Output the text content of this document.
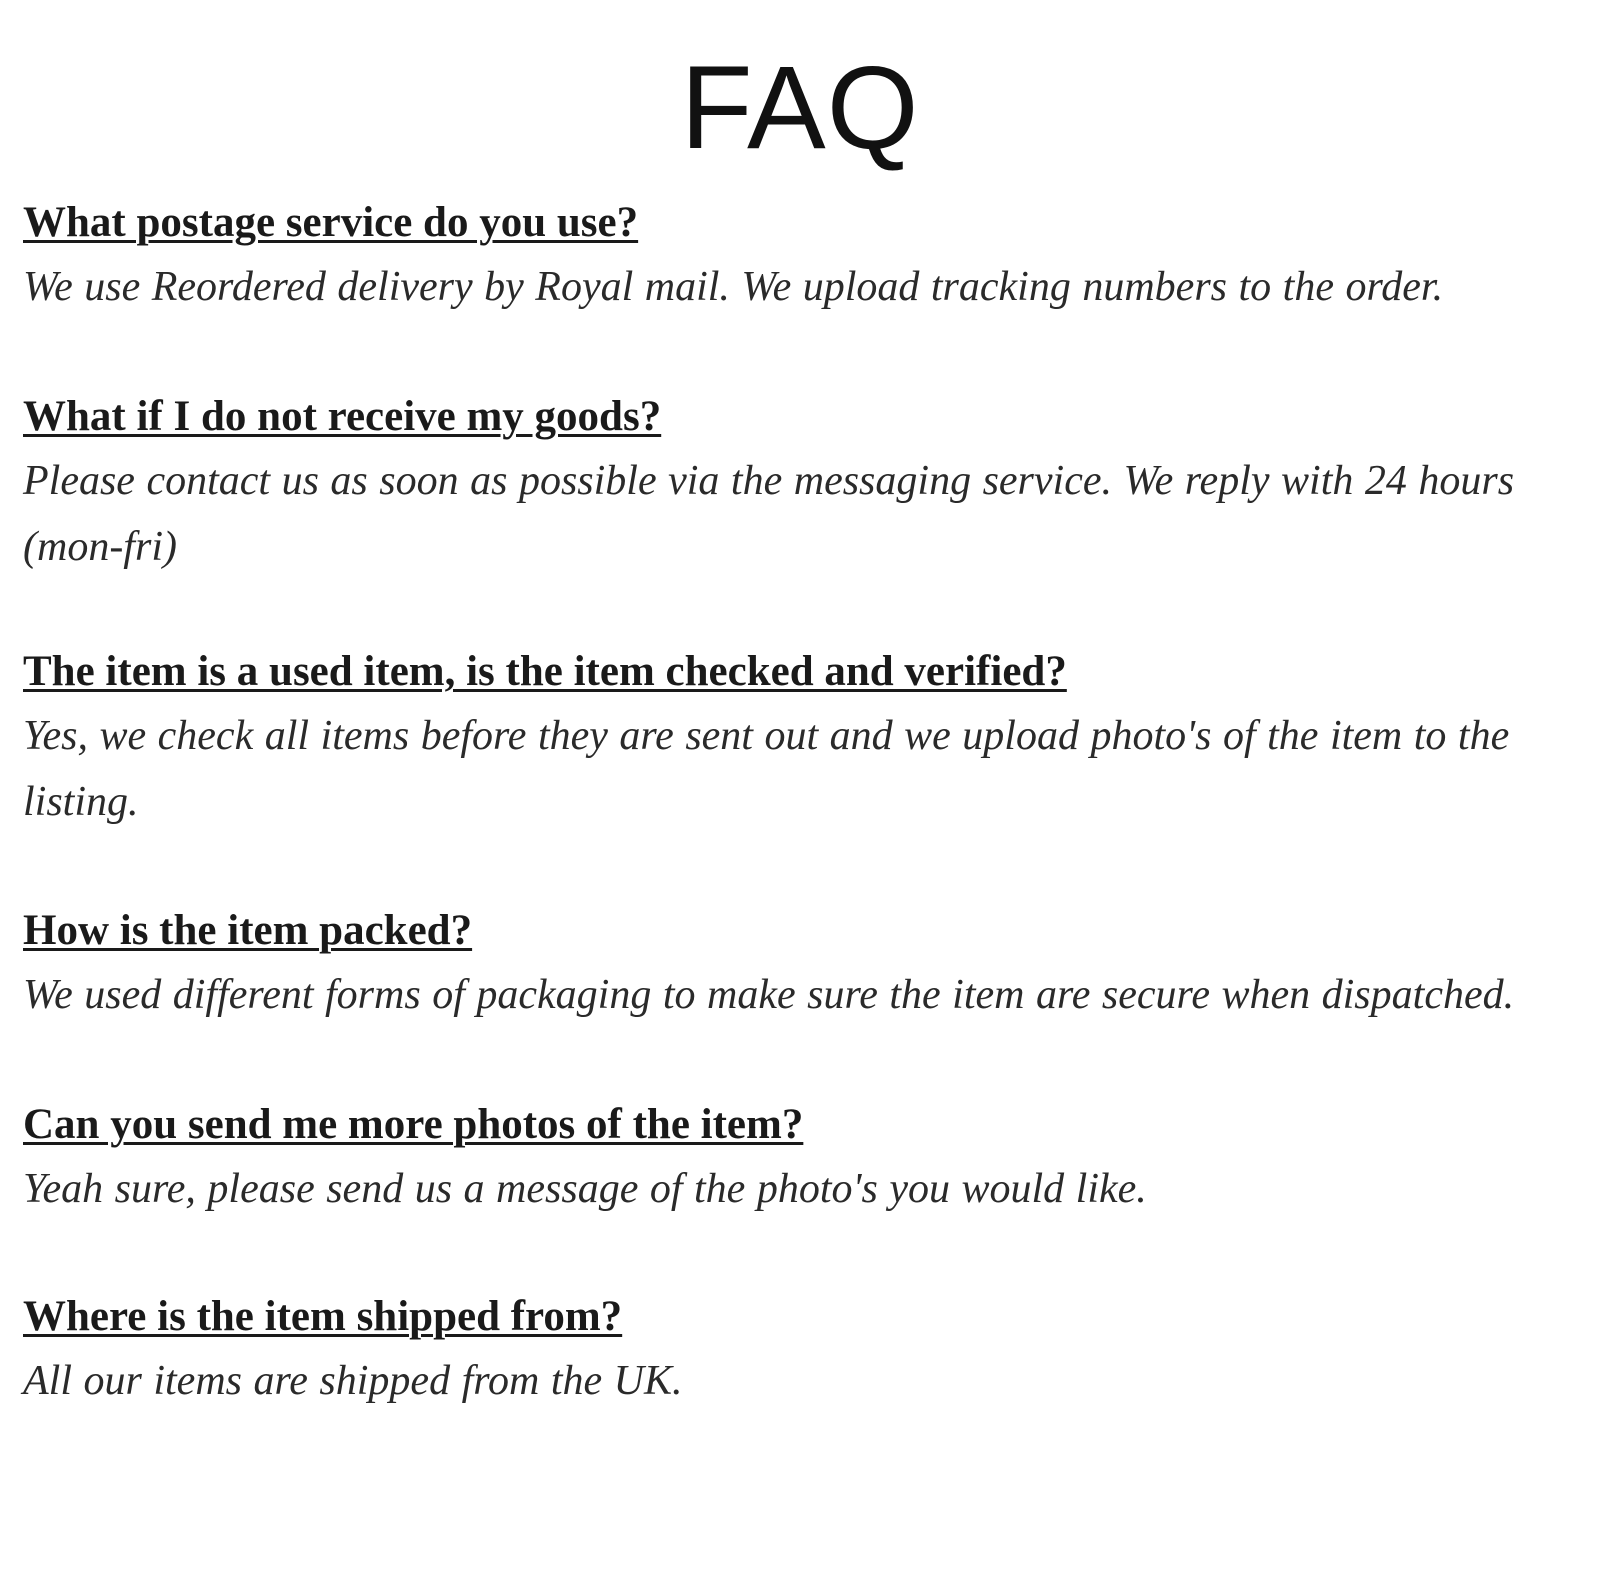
FAQ

What postage service do you use?

We use Reordered delivery by Royal mail. We upload tracking numbers to the order.

What if I do not receive my goods?

Please contact us as soon as possible via the messaging service. We reply with 24 hours (mon-fri)

The item is a used item, is the item checked and verified?

Yes, we check all items before they are sent out and we upload photo's of the item to the listing.

How is the item packed?

We used different forms of packaging to make sure the item are secure when dispatched.

Can you send me more photos of the item?

Yeah sure, please send us a message of the photo's you would like.

Where is the item shipped from?

All our items are shipped from the UK.
